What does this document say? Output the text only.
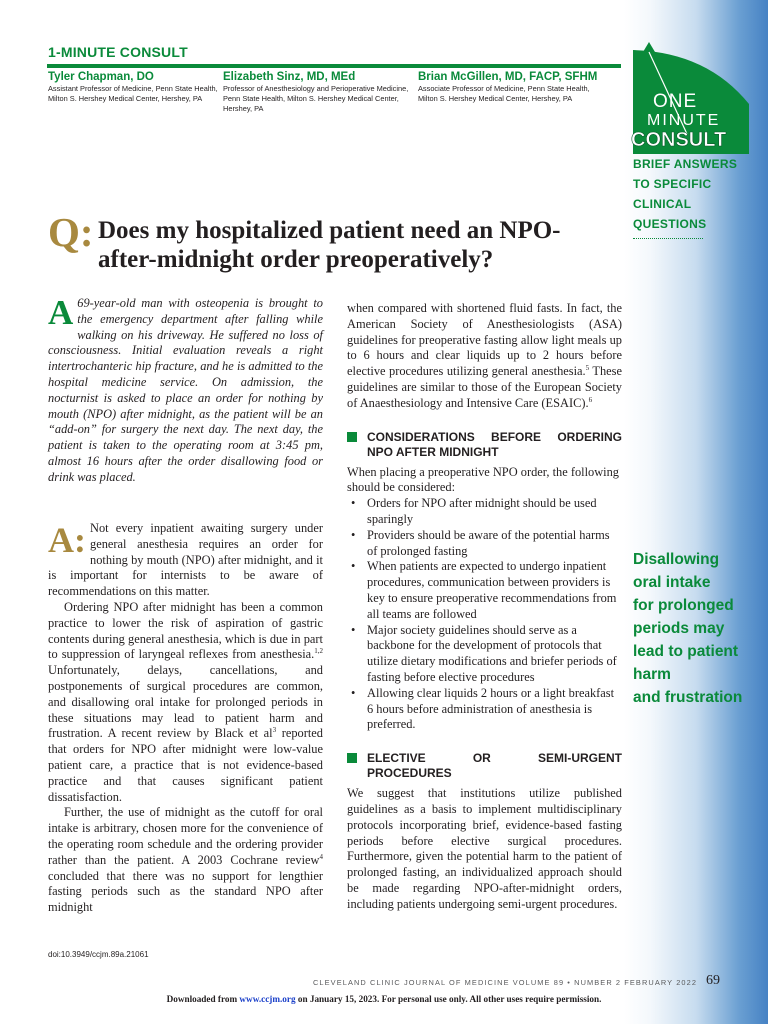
1-MINUTE CONSULT
Tyler Chapman, DO
Assistant Professor of Medicine, Penn State Health, Milton S. Hershey Medical Center, Hershey, PA
Elizabeth Sinz, MD, MEd
Professor of Anesthesiology and Perioperative Medicine, Penn State Health, Milton S. Hershey Medical Center, Hershey, PA
Brian McGillen, MD, FACP, SFHM
Associate Professor of Medicine, Penn State Health, Milton S. Hershey Medical Center, Hershey, PA	ONE
MINUTE
CONSULT
BRIEF ANSWERS
TO SPECIFIC
CLINICAL
QUESTIONS
Q: Does my hospitalized patient need an NPO-after-midnight order preoperatively?
A 69-year-old man with osteopenia is brought to the emergency department after falling while walking on his driveway. He suffered no loss of consciousness. Initial evaluation reveals a right intertrochanteric hip fracture, and he is admitted to the hospital medicine service. On admission, the nocturnist is asked to place an order for nothing by mouth (NPO) after midnight, as the patient will be an “add-on” for surgery the next day. The next day, the patient is taken to the operating room at 3:45 pm, almost 16 hours after the order disallowing food or drink was placed.

A: Not every inpatient awaiting surgery under general anesthesia requires an order for nothing by mouth (NPO) after midnight, and it is important for internists to be aware of recommendations on this matter.

Ordering NPO after midnight has been a common practice to lower the risk of aspiration of gastric contents during general anesthesia, which is due in part to suppression of laryngeal reflexes from anesthesia.$^{1,2}$ Unfortunately, delays, cancellations, and postponements of surgical procedures are common, and disallowing oral intake for prolonged periods in these situations may lead to patient harm and frustration. A recent review by Black et $al^3$ reported that orders for NPO after midnight were low-value patient care, a practice that is not evidence-based practice and that causes significant patient dissatisfaction.

Further, the use of midnight as the cutoff for oral intake is arbitrary, chosen more for the convenience of the operating room schedule and the ordering provider rather than the patient. A 2003 Cochrane review$^4$ concluded that there was no support for lengthier fasting periods such as the standard NPO after midnight

when compared with shortened fluid fasts. In fact, the American Society of Anesthesiologists (ASA) guidelines for preoperative fasting allow light meals up to 6 hours and clear liquids up to 2 hours before elective procedures utilizing general anesthesia.$^5$ These guidelines are similar to those of the European Society of Anaesthesiology and Intensive Care (ESAIC).$^6$

CONSIDERATIONS BEFORE ORDERING NPO AFTER MIDNIGHT

When placing a preoperative NPO order, the following should be considered:

• Orders for NPO after midnight should be used sparingly
• Providers should be aware of the potential harms of prolonged fasting
• When patients are expected to undergo inpatient procedures, communication between providers is key to ensure preoperative recommendations from all teams are followed
• Major society guidelines should serve as a backbone for the development of protocols that utilize dietary modifications and briefer periods of fasting before elective procedures
• Allowing clear liquids 2 hours or a light breakfast 6 hours before administration of anesthesia is preferred.
ELECTIVE OR SEMI-URGENT PROCEDURES

We suggest that institutions utilize published guidelines as a basis to implement multidisciplinary protocols incorporating brief, evidence-based fasting periods before elective surgical procedures. Furthermore, given the potential harm to the patient of prolonged fasting, an individualized approach should be made regarding NPO-after-midnight orders, including patients undergoing semi-urgent procedures.

Disallowing
oral intake
for prolonged
periods may
lead to patient
harm
and frustration
doi:10.3949/ccjm.89a.21061
CLEVELAND CLINIC JOURNAL OF MEDICINE VOLUME 89 • NUMBER 2 FEBRUARY 2022 69
Downloaded from www.ccjm.org on January 15, 2023. For personal use only. All other uses require permission.
